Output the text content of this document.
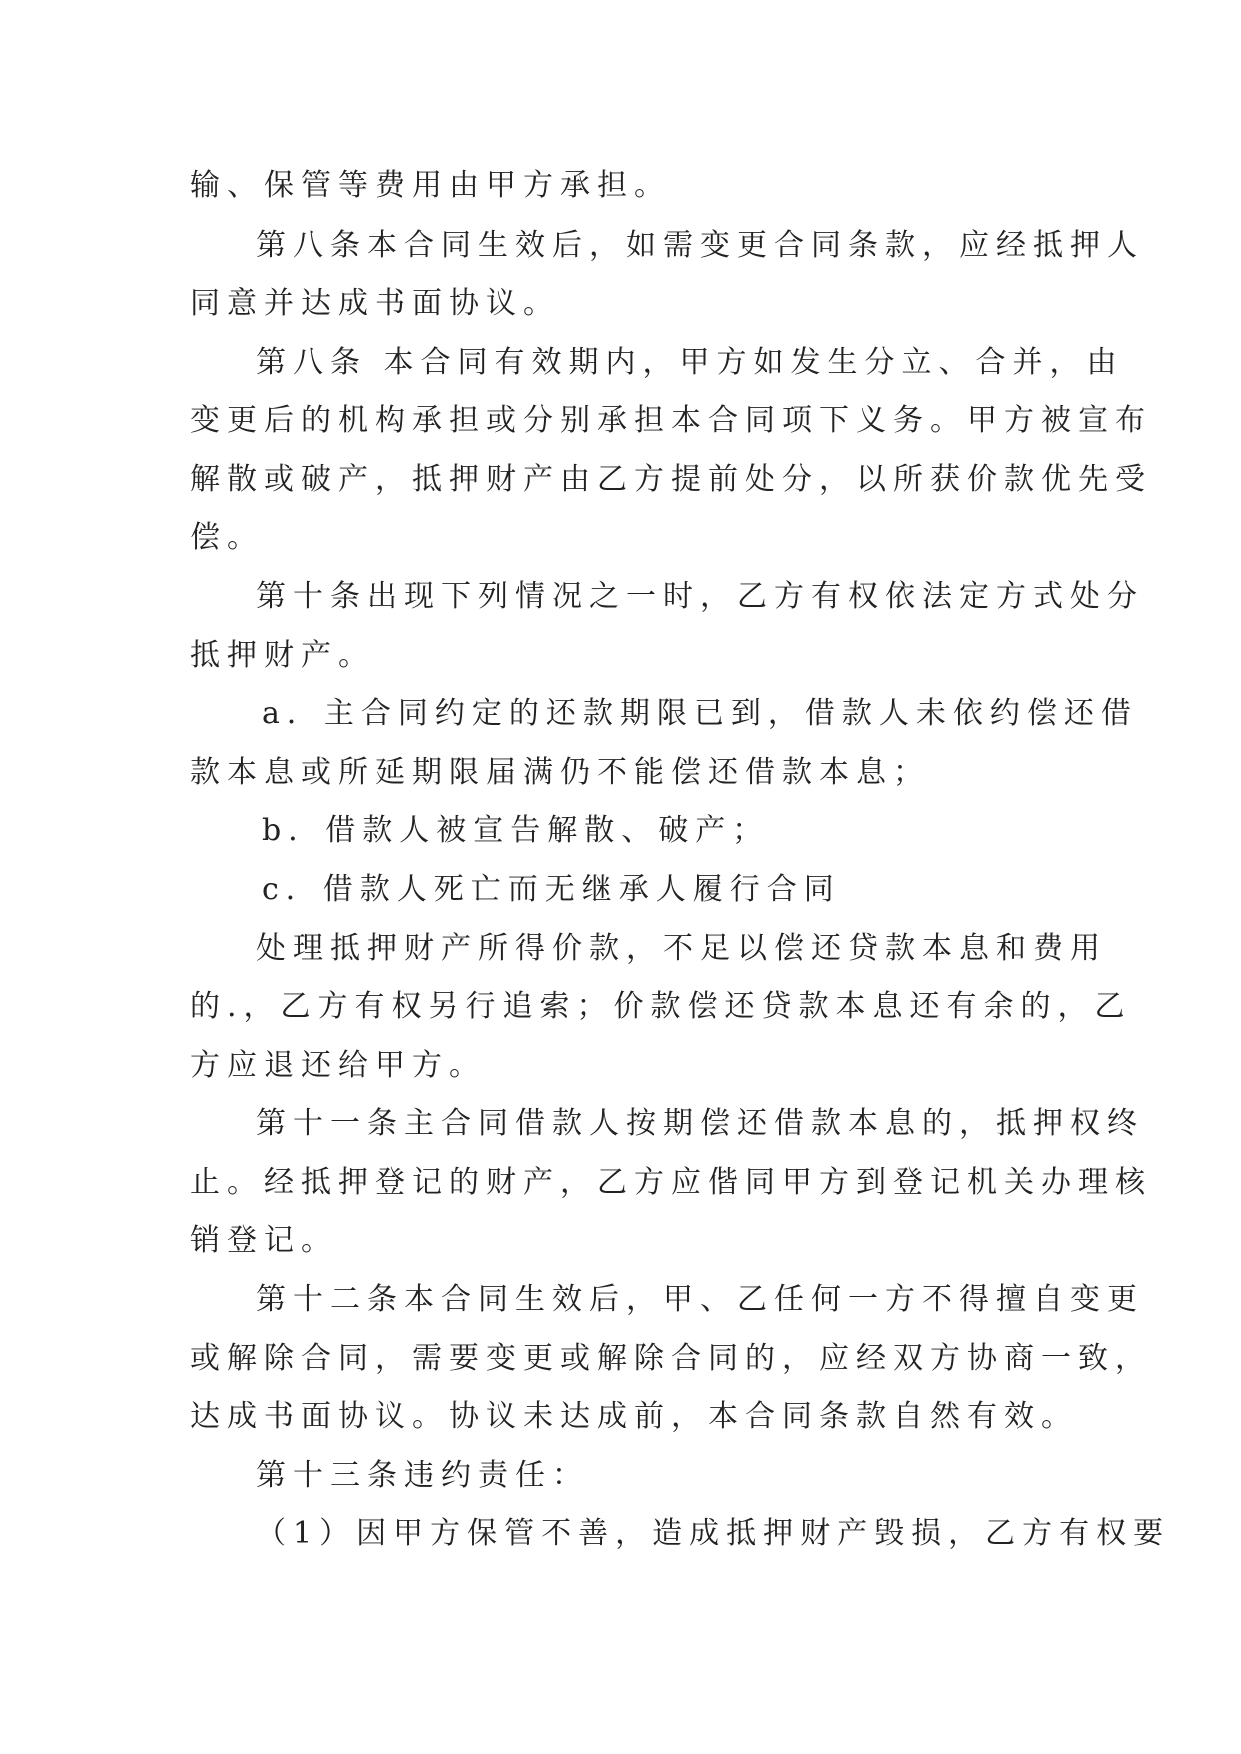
输、保管等费用由甲方承担。
第八条本合同生效后，如需变更合同条款，应经抵押人
同意并达成书面协议。
第八条 本合同有效期内，甲方如发生分立、合并，由
变更后的机构承担或分别承担本合同项下义务。甲方被宣布
解散或破产，抵押财产由乙方提前处分，以所获价款优先受
偿。
第十条出现下列情况之一时，乙方有权依法定方式处分
抵押财产。
a．主合同约定的还款期限已到，借款人未依约偿还借
款本息或所延期限届满仍不能偿还借款本息；
b．借款人被宣告解散、破产；
c．借款人死亡而无继承人履行合同
处理抵押财产所得价款，不足以偿还贷款本息和费用
的.，乙方有权另行追索；价款偿还贷款本息还有余的，乙
方应退还给甲方。
第十一条主合同借款人按期偿还借款本息的，抵押权终
止。经抵押登记的财产，乙方应偕同甲方到登记机关办理核
销登记。
第十二条本合同生效后，甲、乙任何一方不得擅自变更
或解除合同，需要变更或解除合同的，应经双方协商一致，
达成书面协议。协议未达成前，本合同条款自然有效。
第十三条违约责任：
（1）因甲方保管不善，造成抵押财产毁损，乙方有权要
